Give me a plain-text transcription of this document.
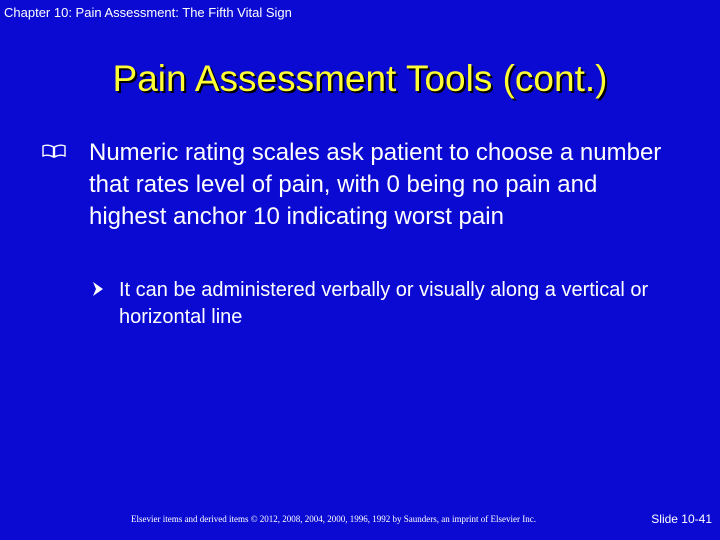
Chapter 10: Pain Assessment: The Fifth Vital Sign
Pain Assessment Tools (cont.)
Numeric rating scales ask patient to choose a number that rates level of pain, with 0 being no pain and highest anchor 10 indicating worst pain
It can be administered verbally or visually along a vertical or horizontal line
Elsevier items and derived items © 2012, 2008, 2004, 2000, 1996, 1992 by Saunders, an imprint of Elsevier Inc.	Slide 10-41
